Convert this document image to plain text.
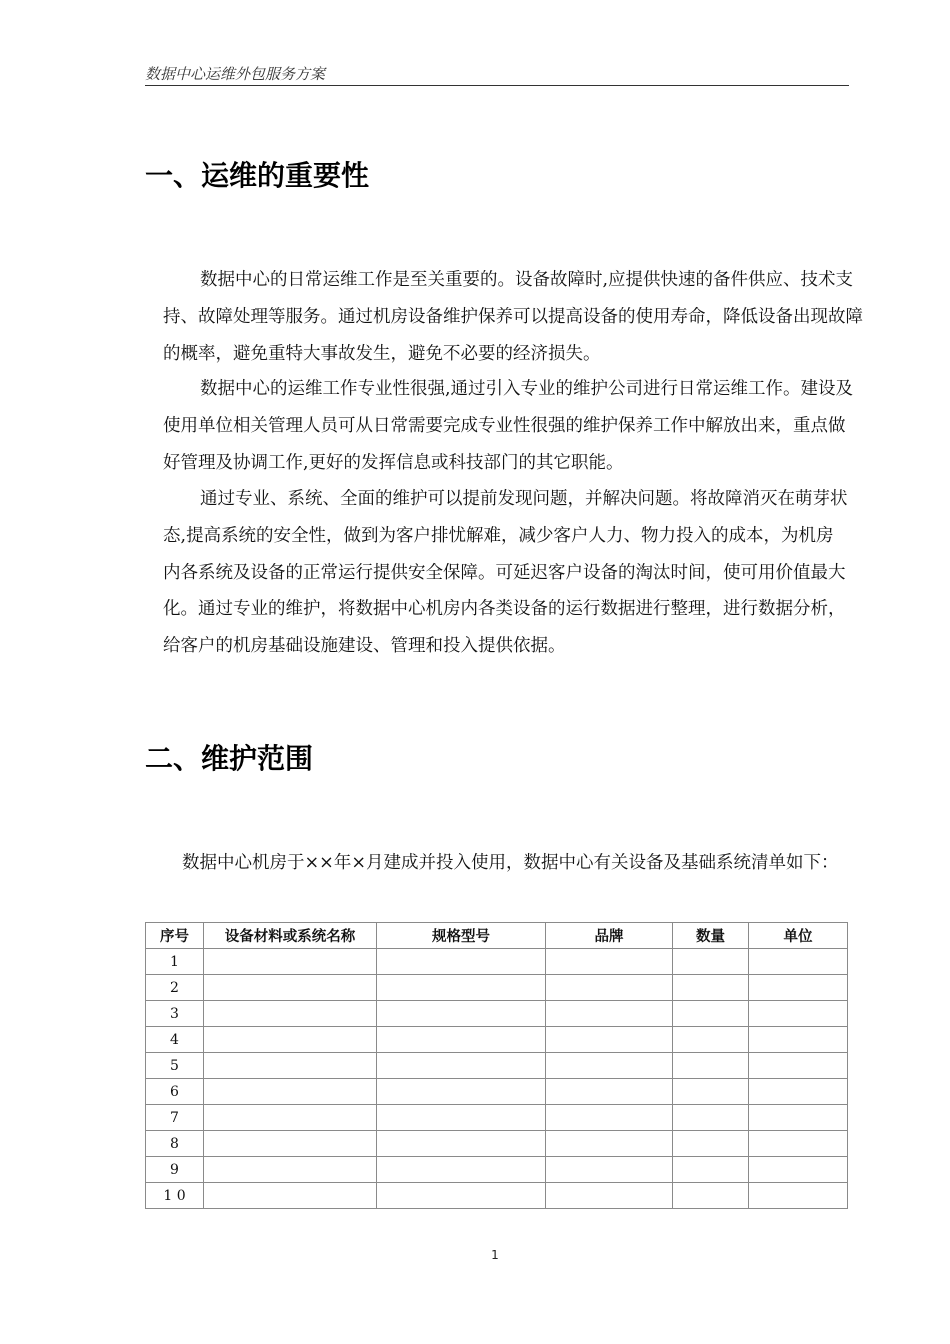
数据中心运维外包服务方案
一、运维的重要性

数据中心的日常运维工作是至关重要的。设备故障时,应提供快速的备件供应、技术支持、故障处理等服务。通过机房设备维护保养可以提高设备的使用寿命，降低设备出现故障的概率，避免重特大事故发生，避免不必要的经济损失。

数据中心的运维工作专业性很强,通过引入专业的维护公司进行日常运维工作。建设及使用单位相关管理人员可从日常需要完成专业性很强的维护保养工作中解放出来，重点做好管理及协调工作,更好的发挥信息或科技部门的其它职能。

通过专业、系统、全面的维护可以提前发现问题，并解决问题。将故障消灭在萌芽状态,提高系统的安全性，做到为客户排忧解难，减少客户人力、物力投入的成本，为机房内各系统及设备的正常运行提供安全保障。可延迟客户设备的淘汰时间，使可用价值最大化。通过专业的维护，将数据中心机房内各类设备的运行数据进行整理，进行数据分析，给客户的机房基础设施建设、管理和投入提供依据。

二、维护范围

数据中心机房于××年×月建成并投入使用，数据中心有关设备及基础系统清单如下：

序号	设备材料或系统名称	规格型号	品牌	数量	单位
1					
2					
3					
4					
5					
6					
7					
8					
9					
1 0					
1
